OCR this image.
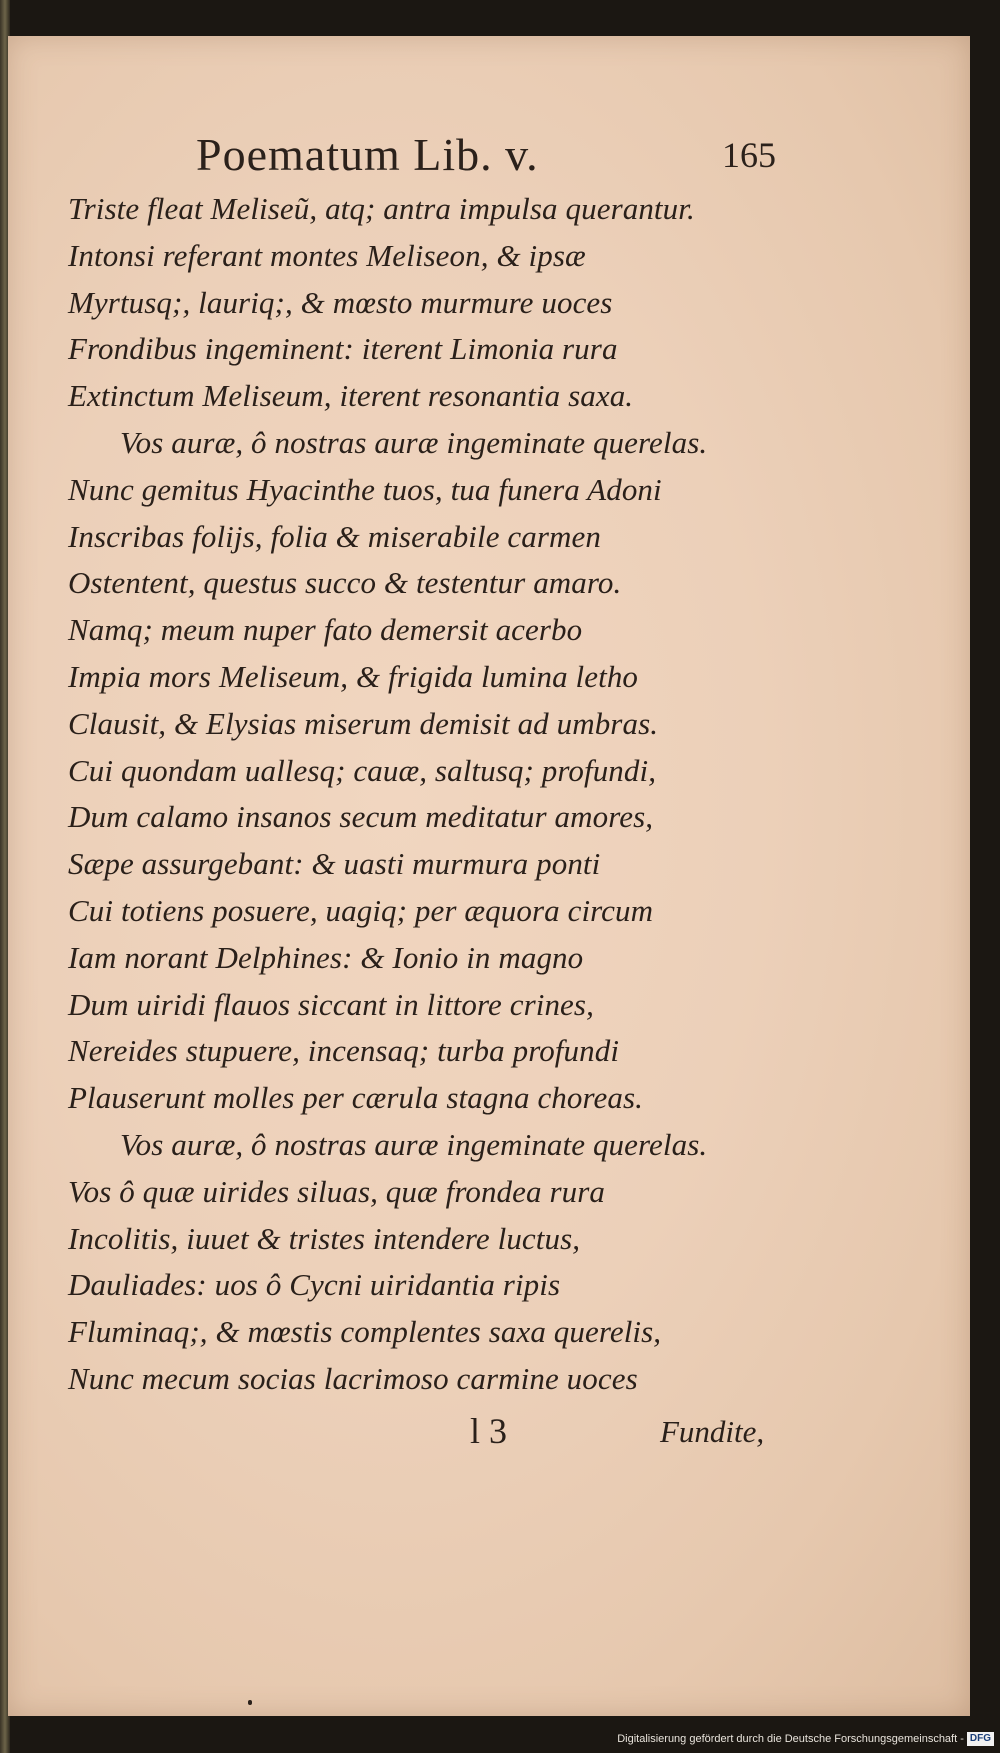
Poematum Lib. v.	165
Triste fleat Meliseũ, atq; antra impulsa querantur.
Intonsi referant montes Meliseon, & ipsæ
Myrtusq;, lauriq;, & mœsto murmure uoces
Frondibus ingeminent: iterent Limonia rura
Extinctum Meliseum, iterent resonantia saxa.
Vos auræ, ô nostras auræ ingeminate querelas.
Nunc gemitus Hyacinthe tuos, tua funera Adoni
Inscribas folijs, folia & miserabile carmen
Ostentent, questus succo & testentur amaro.
Namq; meum nuper fato demersit acerbo
Impia mors Meliseum, & frigida lumina letho
Clausit, & Elysias miserum demisit ad umbras.
Cui quondam uallesq; cauæ, saltusq; profundi,
Dum calamo insanos secum meditatur amores,
Sæpe assurgebant: & uasti murmura ponti
Cui totiens posuere, uagiq; per æquora circum
Iam norant Delphines: & Ionio in magno
Dum uiridi flauos siccant in littore crines,
Nereides stupuere, incensaq; turba profundi
Plauserunt molles per cærula stagna choreas.
Vos auræ, ô nostras auræ ingeminate querelas.
Vos ô quæ uirides siluas, quæ frondea rura
Incolitis, iuuet & tristes intendere luctus,
Dauliades: uos ô Cycni uiridantia ripis
Fluminaq;, & mœstis complentes saxa querelis,
Nunc mecum socias lacrimoso carmine uoces
l 3	Fundite,
Digitalisierung gefördert durch die Deutsche Forschungsgemeinschaft - DFG
